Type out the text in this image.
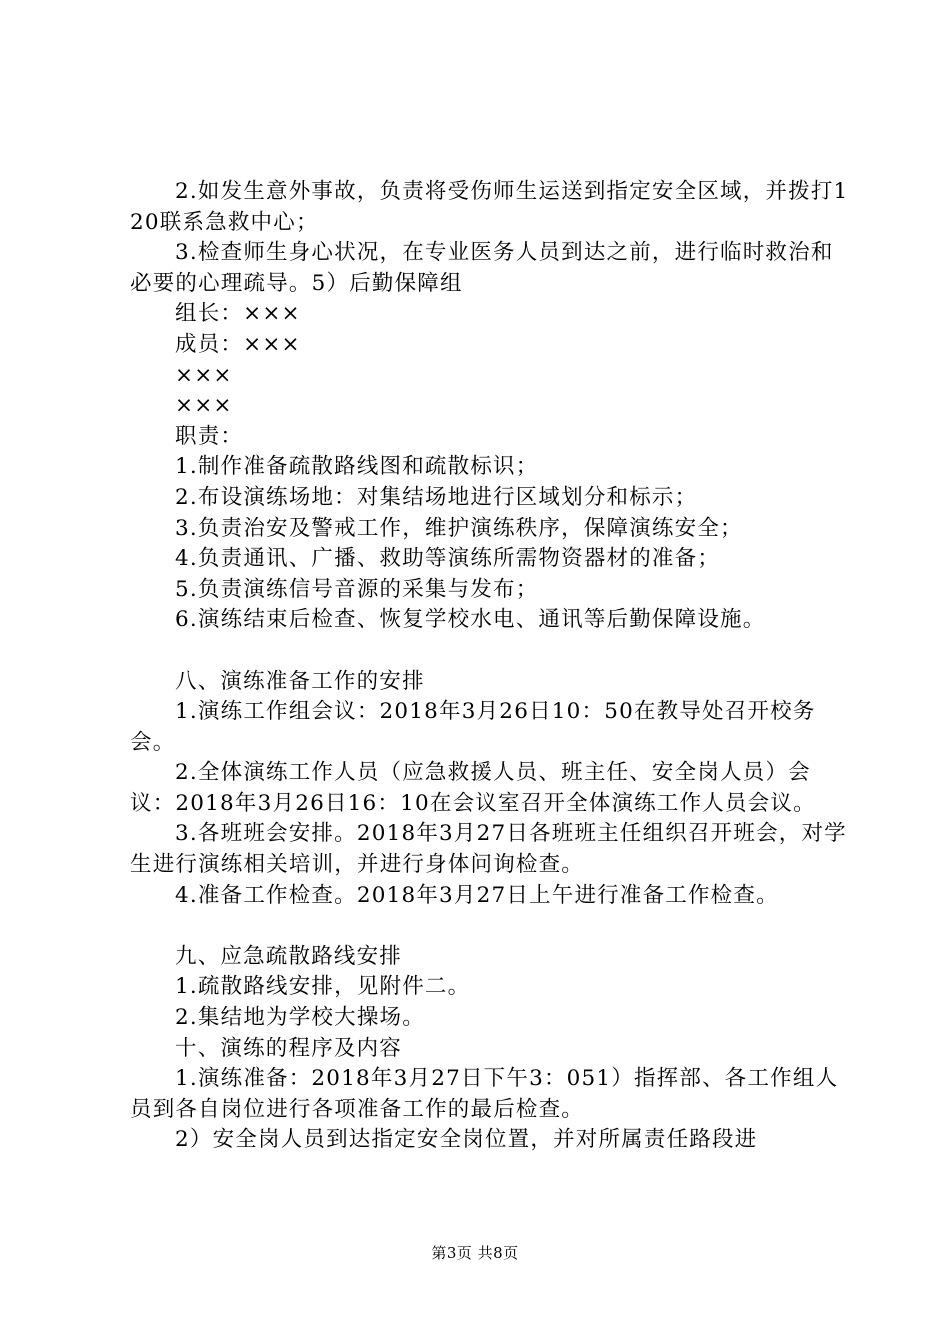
2.如发生意外事故，负责将受伤师生运送到指定安全区域，并拨打120联系急救中心；

3.检查师生身心状况，在专业医务人员到达之前，进行临时救治和必要的心理疏导。5）后勤保障组

组长：×××

成员：×××

×××

×××

职责：

1.制作准备疏散路线图和疏散标识；

2.布设演练场地：对集结场地进行区域划分和标示；

3.负责治安及警戒工作，维护演练秩序，保障演练安全；

4.负责通讯、广播、救助等演练所需物资器材的准备；

5.负责演练信号音源的采集与发布；

6.演练结束后检查、恢复学校水电、通讯等后勤保障设施。

八、演练准备工作的安排

1.演练工作组会议：2018年3月26日10：50在教导处召开校务会。

2.全体演练工作人员（应急救援人员、班主任、安全岗人员）会议：2018年3月26日16：10在会议室召开全体演练工作人员会议。

3.各班班会安排。2018年3月27日各班班主任组织召开班会，对学生进行演练相关培训，并进行身体问询检查。

4.准备工作检查。2018年3月27日上午进行准备工作检查。

九、应急疏散路线安排

1.疏散路线安排，见附件二。

2.集结地为学校大操场。

十、演练的程序及内容

1.演练准备：2018年3月27日下午3：051）指挥部、各工作组人员到各自岗位进行各项准备工作的最后检查。

2）安全岗人员到达指定安全岗位置，并对所属责任路段进

第3页 共8页
